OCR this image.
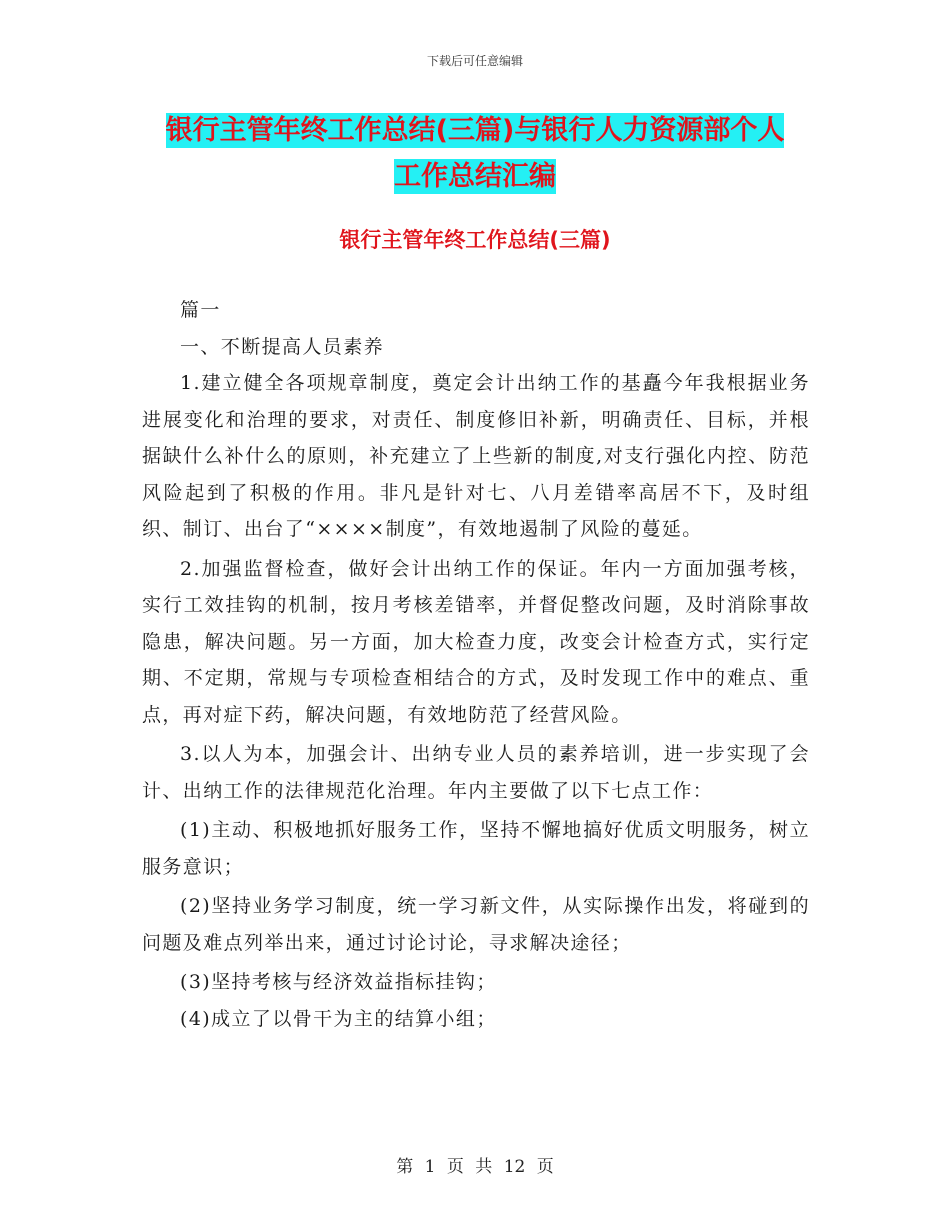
下载后可任意编辑
银行主管年终工作总结(三篇)与银行人力资源部个人
工作总结汇编
银行主管年终工作总结(三篇)

篇一

一、不断提高人员素养

1.建立健全各项规章制度，奠定会计出纳工作的基矗今年我根据业务进展变化和治理的要求，对责任、制度修旧补新，明确责任、目标，并根据缺什么补什么的原则，补充建立了上些新的制度,对支行强化内控、防范风险起到了积极的作用。非凡是针对七、八月差错率高居不下，及时组织、制订、出台了“××××制度”，有效地遏制了风险的蔓延。

2.加强监督检查，做好会计出纳工作的保证。年内一方面加强考核，实行工效挂钩的机制，按月考核差错率，并督促整改问题，及时消除事故隐患，解决问题。另一方面，加大检查力度，改变会计检查方式，实行定期、不定期，常规与专项检查相结合的方式，及时发现工作中的难点、重点，再对症下药，解决问题，有效地防范了经营风险。

3.以人为本，加强会计、出纳专业人员的素养培训，进一步实现了会计、出纳工作的法律规范化治理。年内主要做了以下七点工作：

(1)主动、积极地抓好服务工作，坚持不懈地搞好优质文明服务，树立服务意识；

(2)坚持业务学习制度，统一学习新文件，从实际操作出发，将碰到的问题及难点列举出来，通过讨论讨论，寻求解决途径；

(3)坚持考核与经济效益指标挂钩；

(4)成立了以骨干为主的结算小组；

第 1 页 共 12 页
